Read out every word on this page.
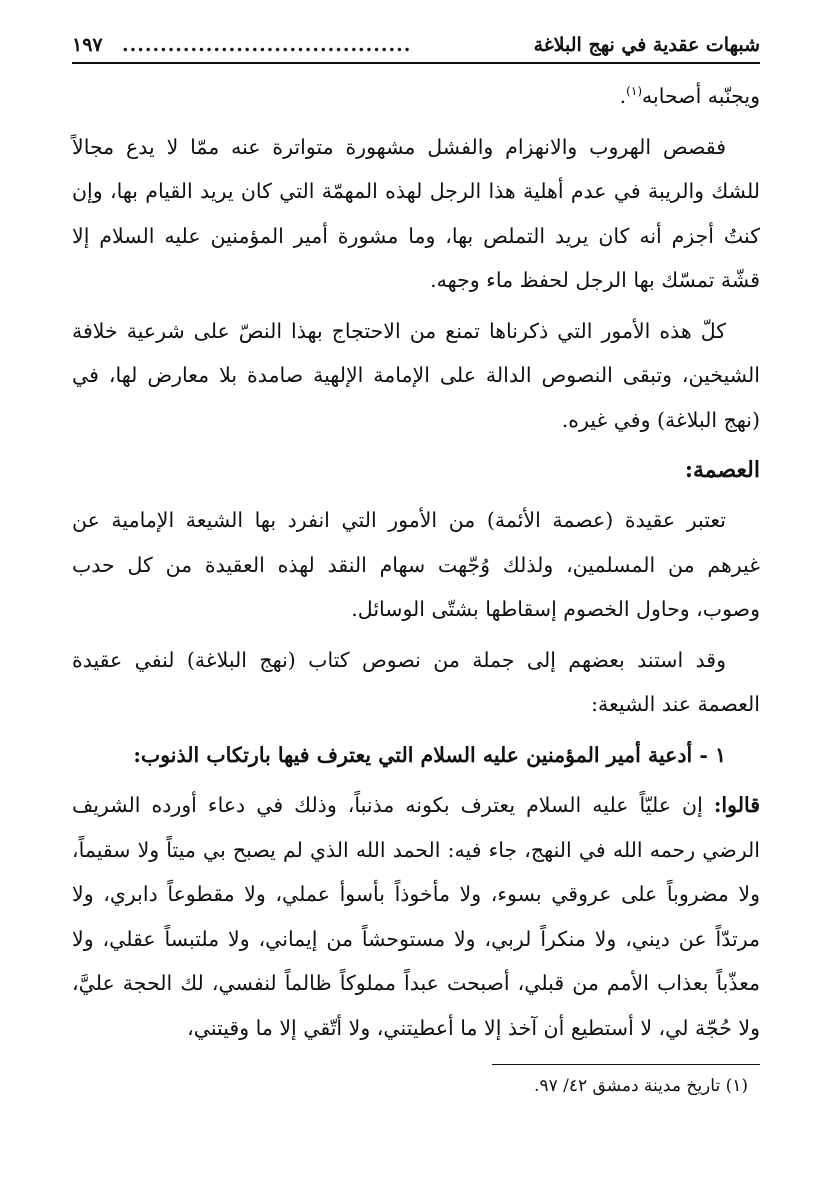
شبهات عقدية في نهج البلاغة
......................................
١٩٧

ويجنّبه أصحابه$^{(١)}$.

فقصص الهروب والانهزام والفشل مشهورة متواترة عنه ممّا لا يدع مجالاً للشك والريبة في عدم أهلية هذا الرجل لهذه المهمّة التي كان يريد القيام بها، وإن كنتُ أجزم أنه كان يريد التملص بها، وما مشورة أمير المؤمنين عليه السلام إلا قشّة تمسّك بها الرجل لحفظ ماء وجهه.

كلّ هذه الأمور التي ذكرناها تمنع من الاحتجاج بهذا النصّ على شرعية خلافة الشيخين، وتبقى النصوص الدالة على الإمامة الإلهية صامدة بلا معارض لها، في (نهج البلاغة) وفي غيره.

العصمة:

تعتبر عقيدة (عصمة الأئمة) من الأمور التي انفرد بها الشيعة الإمامية عن غيرهم من المسلمين، ولذلك وُجّهت سهام النقد لهذه العقيدة من كل حدب وصوب، وحاول الخصوم إسقاطها بشتّى الوسائل.

وقد استند بعضهم إلى جملة من نصوص كتاب (نهج البلاغة) لنفي عقيدة العصمة عند الشيعة:

١ - أدعية أمير المؤمنين عليه السلام التي يعترف فيها بارتكاب الذنوب:

قالوا: إن عليّاً عليه السلام يعترف بكونه مذنباً، وذلك في دعاء أورده الشريف الرضي رحمه الله في النهج، جاء فيه: الحمد الله الذي لم يصبح بي ميتاً ولا سقيماً، ولا مضروباً على عروقي بسوء، ولا مأخوذاً بأسوأ عملي، ولا مقطوعاً دابري، ولا مرتدّاً عن ديني، ولا منكراً لربي، ولا مستوحشاً من إيماني، ولا ملتبساً عقلي، ولا معذّباً بعذاب الأمم من قبلي، أصبحت عبداً مملوكاً ظالماً لنفسي، لك الحجة عليَّ، ولا حُجّة لي، لا أستطيع أن آخذ إلا ما أعطيتني، ولا أتّقي إلا ما وقيتني،

(١) تاريخ مدينة دمشق ٤٢/ ٩٧.
